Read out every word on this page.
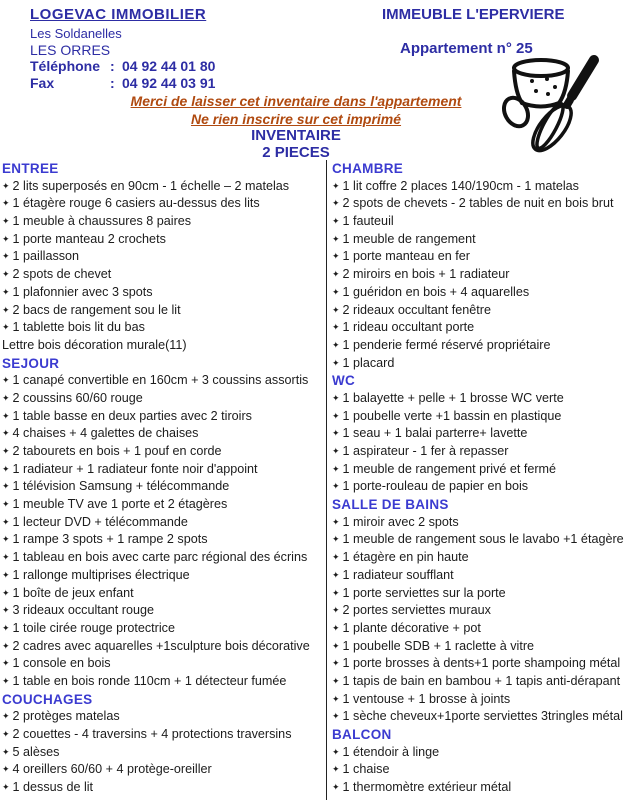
LOGEVAC IMMOBILIER
Les Soldanelles
LES ORRES
Téléphone : 04 92 44 01 80
Fax	: 04 92 44 03 91
IMMEUBLE L'EPERVIERE
Appartement n° 25
Merci de laisser cet inventaire dans l'appartement
Ne rien inscrire sur cet imprimé
INVENTAIRE
2 PIECES
ENTREE
✦ 2 lits superposés en 90cm - 1 échelle – 2 matelas
✦ 1 étagère rouge 6 casiers au-dessus des lits
✦ 1 meuble à chaussures 8 paires
✦ 1 porte manteau 2 crochets
✦ 1 paillasson
✦ 2 spots de chevet
✦ 1 plafonnier avec 3 spots
✦ 2 bacs de rangement sou le lit
✦ 1 tablette bois lit du bas
Lettre bois décoration murale(11)
SEJOUR
✦ 1 canapé convertible en 160cm + 3 coussins assortis
✦ 2 coussins 60/60 rouge
✦ 1 table basse en deux parties avec 2 tiroirs
✦ 4 chaises + 4 galettes de chaises
✦ 2 tabourets en bois + 1 pouf en corde
✦ 1 radiateur + 1 radiateur fonte noir d'appoint
✦ 1 télévision Samsung + télécommande
✦ 1 meuble TV ave 1 porte et 2 étagères
✦ 1 lecteur DVD + télécommande
✦ 1 rampe 3 spots + 1 rampe 2 spots
✦ 1 tableau en bois avec carte parc régional des écrins
✦ 1 rallonge multiprises électrique
✦ 1 boîte de jeux enfant
✦ 3 rideaux occultant rouge
✦ 1 toile cirée rouge protectrice
✦ 2 cadres avec aquarelles +1sculpture bois décorative
✦ 1 console en bois
✦ 1 table en bois ronde 110cm + 1 détecteur fumée
COUCHAGES
✦ 2 protèges matelas
✦ 2 couettes - 4 traversins + 4 protections traversins
✦ 5 alèses
✦ 4 oreillers 60/60 + 4 protège-oreiller
✦ 1 dessus de lit
CHAMBRE
✦ 1 lit coffre 2 places 140/190cm - 1 matelas
✦ 2 spots de chevets - 2 tables de nuit en bois brut
✦ 1 fauteuil
✦ 1 meuble de rangement
✦ 1 porte manteau en fer
✦ 2 miroirs en bois + 1 radiateur
✦ 1 guéridon en bois + 4 aquarelles
✦ 2 rideaux occultant fenêtre
✦ 1 rideau occultant porte
✦ 1 penderie fermé réservé propriétaire
✦ 1 placard
WC
✦ 1 balayette + pelle + 1 brosse WC verte
✦ 1 poubelle verte +1 bassin en plastique
✦ 1 seau + 1 balai parterre+ lavette
✦ 1 aspirateur - 1 fer à repasser
✦ 1 meuble de rangement privé et fermé
✦ 1 porte-rouleau de papier en bois
SALLE DE BAINS
✦ 1 miroir avec 2 spots
✦ 1 meuble de rangement sous le lavabo +1 étagère
✦ 1 étagère en pin haute
✦ 1 radiateur soufflant
✦ 1 porte serviettes sur la porte
✦ 2 portes serviettes muraux
✦ 1 plante décorative + pot
✦ 1 poubelle SDB + 1 raclette à vitre
✦ 1 porte brosses à dents+1 porte shampoing métal
✦ 1 tapis de bain en bambou + 1 tapis anti-dérapant
✦ 1 ventouse + 1 brosse à joints
✦ 1 sèche cheveux+1porte serviettes 3tringles métal
BALCON
✦ 1 étendoir à linge
✦ 1 chaise
✦ 1 thermomètre extérieur métal
